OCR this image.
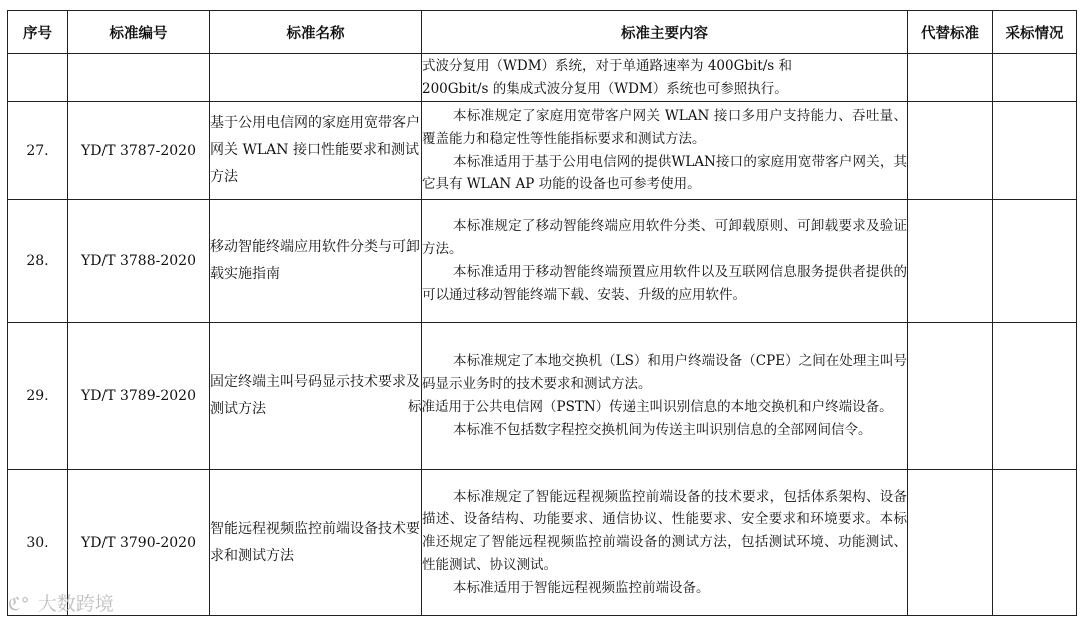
序号	标准编号	标准名称	标准主要内容	代替标准	采标情况

			式波分复用（WDM）系统，对于单通路速率为 400Gbit/s 和

200Gbit/s 的集成式波分复用（WDM）系统也可参照执行。		

27.	YD/T 3787-2020	基于公用电信网的家庭用宽带客户网关 WLAN 接口性能要求和测试方法	本标准规定了家庭用宽带客户网关 WLAN 接口多用户支持能力、吞吐量、覆盖能力和稳定性等性能指标要求和测试方法。

本标准适用于基于公用电信网的提供WLAN接口的家庭用宽带客户网关，其它具有 WLAN AP 功能的设备也可参考使用。		

28.	YD/T 3788-2020	移动智能终端应用软件分类与可卸载实施指南	本标准规定了移动智能终端应用软件分类、可卸载原则、可卸载要求及验证方法。

本标准适用于移动智能终端预置应用软件以及互联网信息服务提供者提供的可以通过移动智能终端下载、安装、升级的应用软件。		

29.	YD/T 3789-2020	固定终端主叫号码显示技术要求及测试方法	本标准规定了本地交换机（LS）和用户终端设备（CPE）之间在处理主叫号码显示业务时的技术要求和测试方法。

标准适用于公共电信网（PSTN）传递主叫识别信息的本地交换机和户终端设备。

本标准不包括数字程控交换机间为传送主叫识别信息的全部网间信令。		

30.	YD/T 3790-2020	智能远程视频监控前端设备技术要求和测试方法	本标准规定了智能远程视频监控前端设备的技术要求，包括体系架构、设备描述、设备结构、功能要求、通信协议、性能要求、安全要求和环境要求。本标准还规定了智能远程视频监控前端设备的测试方法，包括测试环境、功能测试、性能测试、协议测试。

本标准适用于智能远程视频监控前端设备。		

ℭ° 大数跨境
